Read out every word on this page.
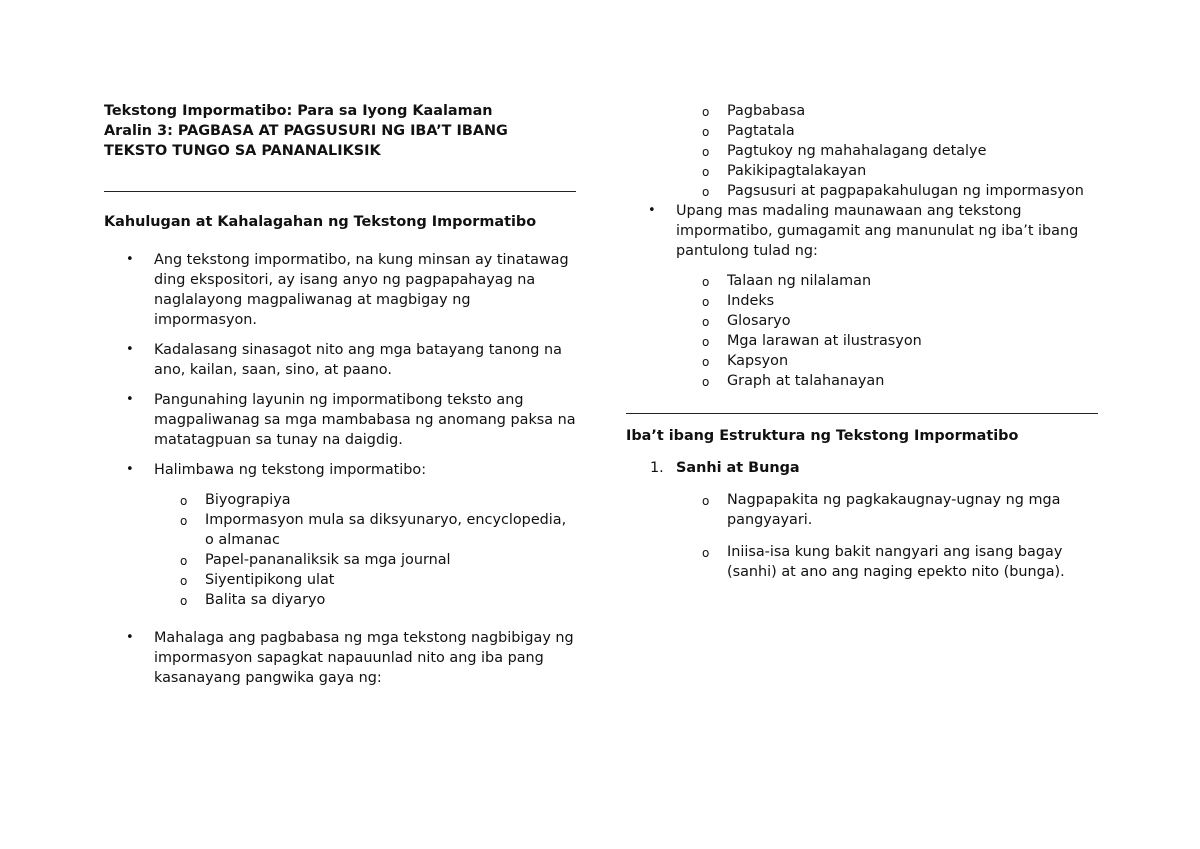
Tekstong Impormatibo: Para sa Iyong Kaalaman
Aralin 3: PAGBASA AT PAGSUSURI NG IBA’T IBANG
TEKSTO TUNGO SA PANANALIKSIK

Kahulugan at Kahalagahan ng Tekstong Impormatibo

• Ang tekstong impormatibo, na kung minsan ay tinatawag ding ekspositori, ay isang anyo ng pagpapahayag na naglalayong magpaliwanag at magbigay ng impormasyon.
• Kadalasang sinasagot nito ang mga batayang tanong na ano, kailan, saan, sino, at paano.
• Pangunahing layunin ng impormatibong teksto ang magpaliwanag sa mga mambabasa ng anomang paksa na matatagpuan sa tunay na daigdig.
• Halimbawa ng tekstong impormatibo:
o Biyograpiya
o Impormasyon mula sa diksyunaryo, encyclopedia, o almanac
o Papel-pananaliksik sa mga journal
o Siyentipikong ulat
o Balita sa diyaryo
• Mahalaga ang pagbabasa ng mga tekstong nagbibigay ng impormasyon sapagkat napauunlad nito ang iba pang kasanayang pangwika gaya ng:
o Pagbabasa
o Pagtatala
o Pagtukoy ng mahahalagang detalye
o Pakikipagtalakayan
o Pagsusuri at pagpapakahulugan ng impormasyon
• Upang mas madaling maunawaan ang tekstong impormatibo, gumagamit ang manunulat ng iba’t ibang pantulong tulad ng:
o Talaan ng nilalaman
o Indeks
o Glosaryo
o Mga larawan at ilustrasyon
o Kapsyon
o Graph at talahanayan

Iba’t ibang Estruktura ng Tekstong Impormatibo

1. Sanhi at Bunga
o Nagpapakita ng pagkakaugnay-ugnay ng mga pangyayari.
o Iniisa-isa kung bakit nangyari ang isang bagay (sanhi) at ano ang naging epekto nito (bunga).
